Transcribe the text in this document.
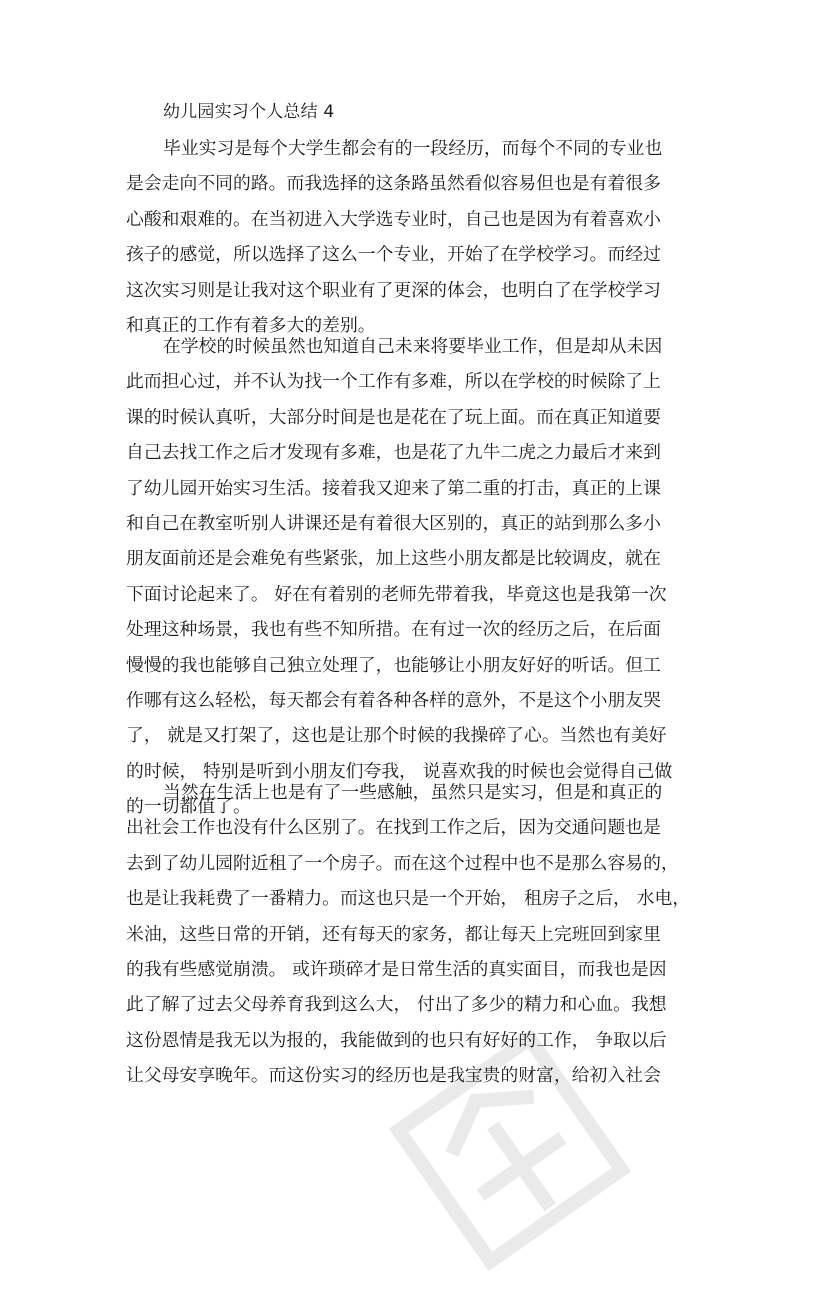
幼儿园实习个人总结 4
毕业实习是每个大学生都会有的一段经历，而每个不同的专业也
是会走向不同的路。而我选择的这条路虽然看似容易但也是有着很多
心酸和艰难的。在当初进入大学选专业时，自己也是因为有着喜欢小
孩子的感觉，所以选择了这么一个专业，开始了在学校学习。而经过
这次实习则是让我对这个职业有了更深的体会，也明白了在学校学习
和真正的工作有着多大的差别。
在学校的时候虽然也知道自己未来将要毕业工作，但是却从未因
此而担心过，并不认为找一个工作有多难，所以在学校的时候除了上
课的时候认真听，大部分时间是也是花在了玩上面。而在真正知道要
自己去找工作之后才发现有多难，也是花了九牛二虎之力最后才来到
了幼儿园开始实习生活。接着我又迎来了第二重的打击，真正的上课
和自己在教室听别人讲课还是有着很大区别的，真正的站到那么多小
朋友面前还是会难免有些紧张，加上这些小朋友都是比较调皮，就在
下面讨论起来了。 好在有着别的老师先带着我，毕竟这也是我第一次
处理这种场景，我也有些不知所措。在有过一次的经历之后，在后面
慢慢的我也能够自己独立处理了，也能够让小朋友好好的听话。但工
作哪有这么轻松，每天都会有着各种各样的意外，不是这个小朋友哭
了， 就是又打架了，这也是让那个时候的我操碎了心。当然也有美好
的时候， 特别是听到小朋友们夸我， 说喜欢我的时候也会觉得自己做
的一切都值了。
当然在生活上也是有了一些感触，虽然只是实习，但是和真正的
出社会工作也没有什么区别了。在找到工作之后，因为交通问题也是
去到了幼儿园附近租了一个房子。而在这个过程中也不是那么容易的，
也是让我耗费了一番精力。而这也只是一个开始， 租房子之后， 水电，
米油，这些日常的开销，还有每天的家务，都让每天上完班回到家里
的我有些感觉崩溃。 或许琐碎才是日常生活的真实面目，而我也是因
此了解了过去父母养育我到这么大， 付出了多少的精力和心血。我想
这份恩情是我无以为报的，我能做到的也只有好好的工作， 争取以后
让父母安享晚年。而这份实习的经历也是我宝贵的财富，给初入社会
